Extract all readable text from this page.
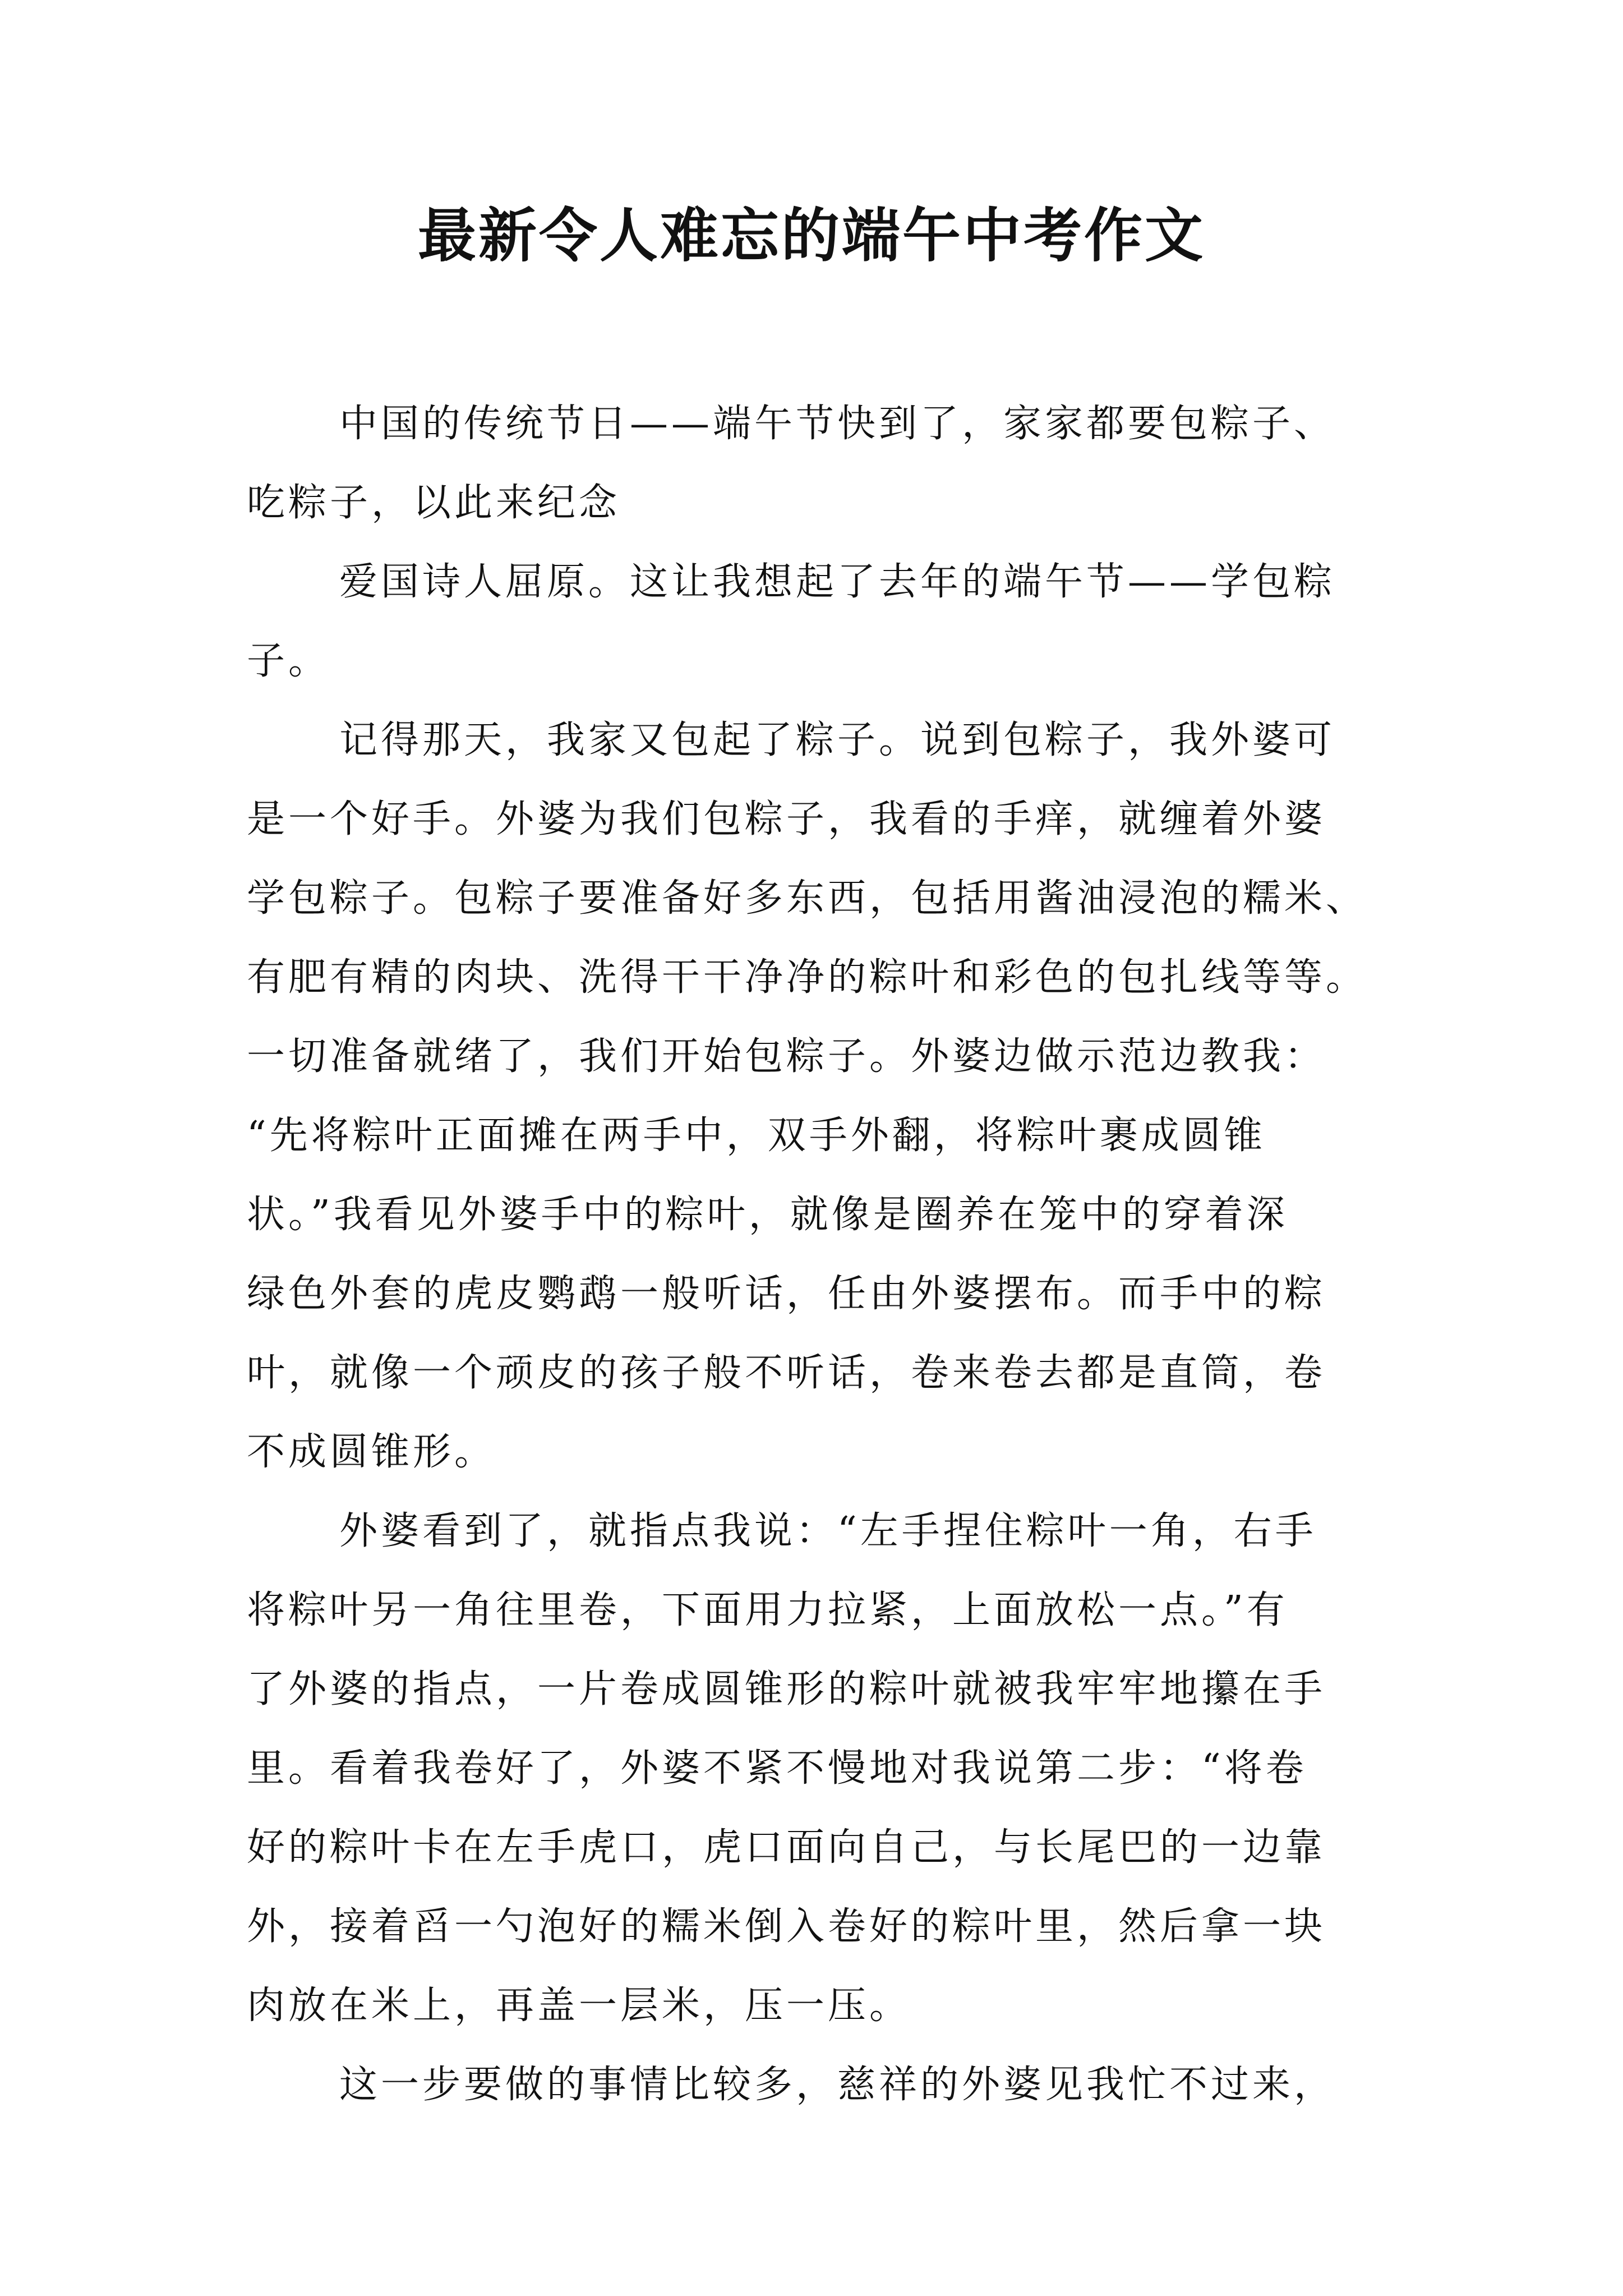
最新令人难忘的端午中考作文

中国的传统节日——端午节快到了，家家都要包粽子、
吃粽子，以此来纪念

爱国诗人屈原。这让我想起了去年的端午节——学包粽
子。

记得那天，我家又包起了粽子。说到包粽子，我外婆可
是一个好手。外婆为我们包粽子，我看的手痒，就缠着外婆
学包粽子。包粽子要准备好多东西，包括用酱油浸泡的糯米、
有肥有精的肉块、洗得干干净净的粽叶和彩色的包扎线等等。
一切准备就绪了，我们开始包粽子。外婆边做示范边教我：
“先将粽叶正面摊在两手中，双手外翻，将粽叶裹成圆锥
状。”我看见外婆手中的粽叶，就像是圈养在笼中的穿着深
绿色外套的虎皮鹦鹉一般听话，任由外婆摆布。而手中的粽
叶，就像一个顽皮的孩子般不听话，卷来卷去都是直筒，卷
不成圆锥形。

外婆看到了，就指点我说：“左手捏住粽叶一角，右手
将粽叶另一角往里卷，下面用力拉紧，上面放松一点。”有
了外婆的指点，一片卷成圆锥形的粽叶就被我牢牢地攥在手
里。看着我卷好了，外婆不紧不慢地对我说第二步：“将卷
好的粽叶卡在左手虎口，虎口面向自己，与长尾巴的一边靠
外，接着舀一勺泡好的糯米倒入卷好的粽叶里，然后拿一块
肉放在米上，再盖一层米，压一压。

这一步要做的事情比较多，慈祥的外婆见我忙不过来，
